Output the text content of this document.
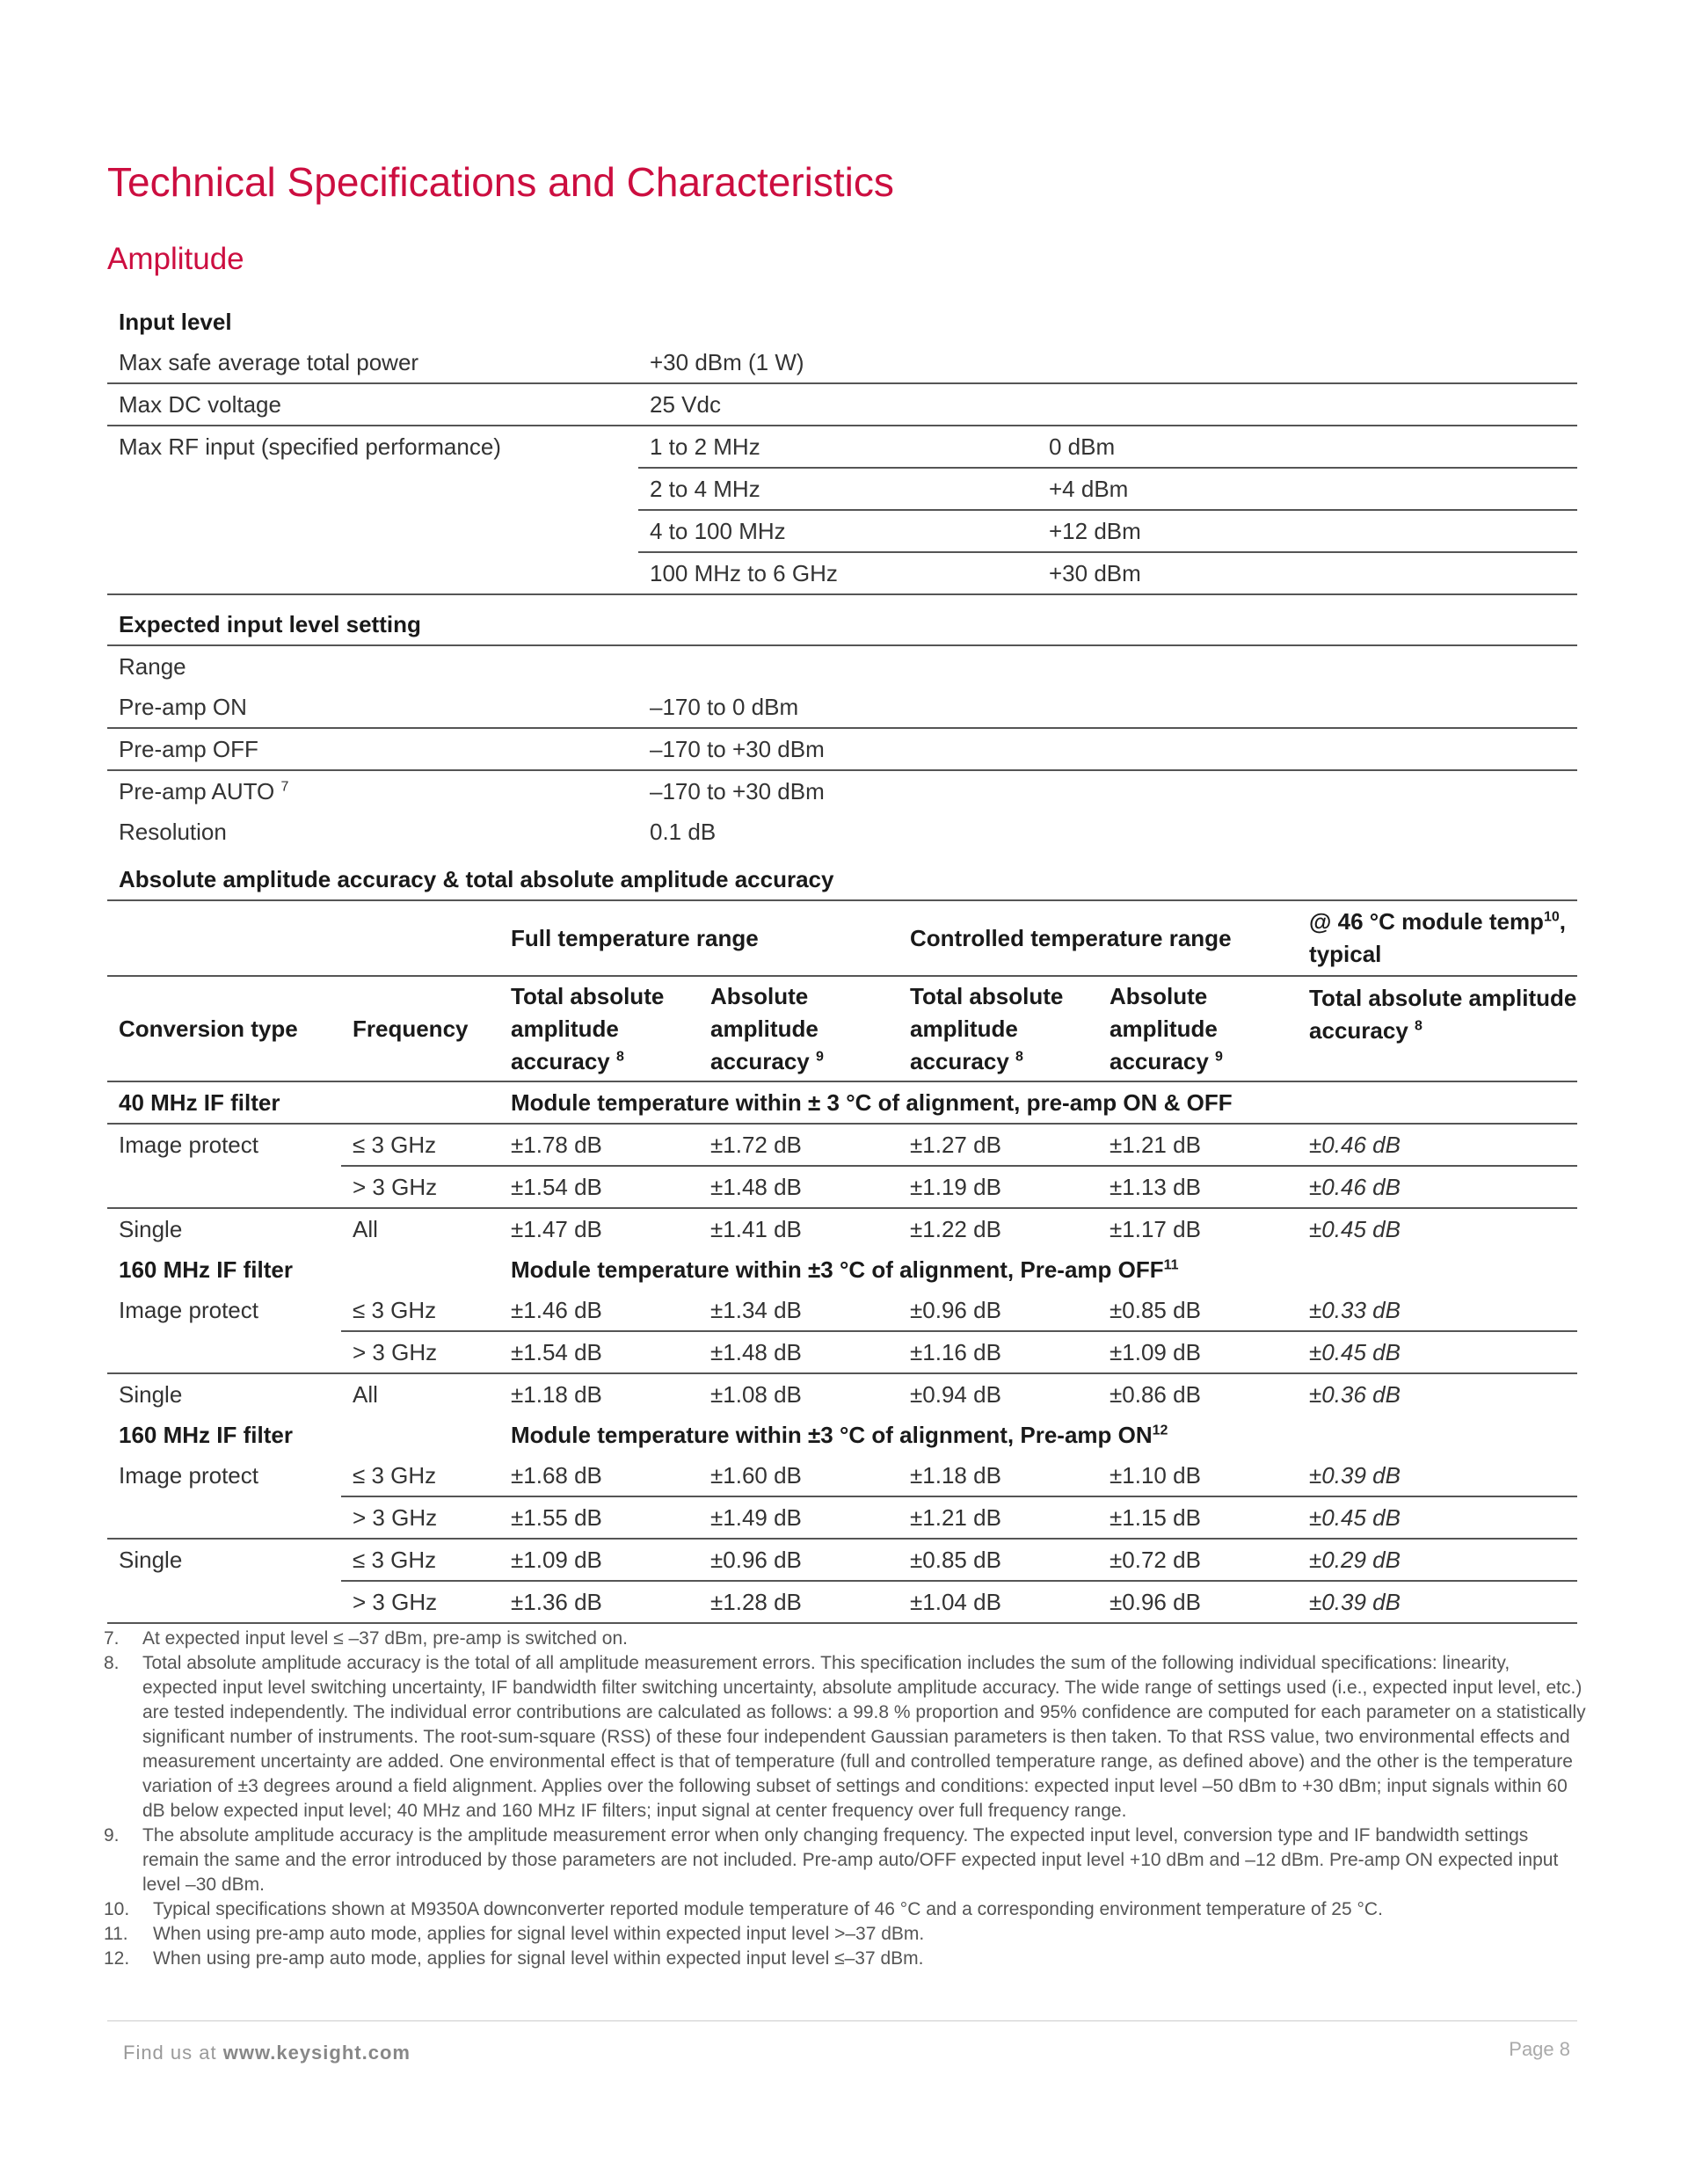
Technical Specifications and Characteristics
Amplitude
Input level		
Max safe average total power	+30 dBm (1 W)	
Max DC voltage	25 Vdc	
Max RF input (specified performance)	1 to 2 MHz	0 dBm
	2 to 4 MHz	+4 dBm
	4 to 100 MHz	+12 dBm
	100 MHz to 6 GHz	+30 dBm
Expected input level setting	
Range	
Pre-amp ON	–170 to 0 dBm
Pre-amp OFF	–170 to +30 dBm
Pre-amp AUTO $^7$	–170 to +30 dBm
Resolution	0.1 dB
Absolute amplitude accuracy & total absolute amplitude accuracy
		Full temperature range		Controlled temperature range		@ 46 °C module temp$^{10}$,
typical
Conversion type	Frequency	Total absolute amplitude accuracy $^8$	Absolute amplitude accuracy $^9$	Total absolute amplitude accuracy $^8$	Absolute amplitude accuracy $^9$	Total absolute amplitude accuracy $^8$
40 MHz IF filter		Module temperature within ± 3 °C of alignment, pre-amp ON & OFF				
Image protect	≤ 3 GHz	±1.78 dB	±1.72 dB	±1.27 dB	±1.21 dB	±0.46 dB
	> 3 GHz	±1.54 dB	±1.48 dB	±1.19 dB	±1.13 dB	±0.46 dB
Single	All	±1.47 dB	±1.41 dB	±1.22 dB	±1.17 dB	±0.45 dB
160 MHz IF filter		Module temperature within ±3 °C of alignment, Pre-amp OFF$^{11}$
Image protect	≤ 3 GHz	±1.46 dB	±1.34 dB	±0.96 dB	±0.85 dB	±0.33 dB
	> 3 GHz	±1.54 dB	±1.48 dB	±1.16 dB	±1.09 dB	±0.45 dB
Single	All	±1.18 dB	±1.08 dB	±0.94 dB	±0.86 dB	±0.36 dB
160 MHz IF filter		Module temperature within ±3 °C of alignment, Pre-amp ON$^{12}$
Image protect	≤ 3 GHz	±1.68 dB	±1.60 dB	±1.18 dB	±1.10 dB	±0.39 dB
	> 3 GHz	±1.55 dB	±1.49 dB	±1.21 dB	±1.15 dB	±0.45 dB
Single	≤ 3 GHz	±1.09 dB	±0.96 dB	±0.85 dB	±0.72 dB	±0.29 dB
	> 3 GHz	±1.36 dB	±1.28 dB	±1.04 dB	±0.96 dB	±0.39 dB
7.	At expected input level ≤ –37 dBm, pre-amp is switched on.
8.	Total absolute amplitude accuracy is the total of all amplitude measurement errors. This specification includes the sum of the following individual specifications: linearity, expected input level switching uncertainty, IF bandwidth filter switching uncertainty, absolute amplitude accuracy. The wide range of settings used (i.e., expected input level, etc.) are tested independently. The individual error contributions are calculated as follows: a 99.8 % proportion and 95% confidence are computed for each parameter on a statistically significant number of instruments. The root-sum-square (RSS) of these four independent Gaussian parameters is then taken. To that RSS value, two environmental effects and measurement uncertainty are added. One environmental effect is that of temperature (full and controlled temperature range, as defined above) and the other is the temperature variation of ±3 degrees around a field alignment. Applies over the following subset of settings and conditions: expected input level –50 dBm to +30 dBm; input signals within 60 dB below expected input level; 40 MHz and 160 MHz IF filters; input signal at center frequency over full frequency range.
9.	The absolute amplitude accuracy is the amplitude measurement error when only changing frequency. The expected input level, conversion type and IF bandwidth settings remain the same and the error introduced by those parameters are not included. Pre-amp auto/OFF expected input level +10 dBm and –12 dBm. Pre-amp ON expected input level –30 dBm.
10.	Typical specifications shown at M9350A downconverter reported module temperature of 46 °C and a corresponding environment temperature of 25 °C.
11.	When using pre-amp auto mode, applies for signal level within expected input level >–37 dBm.
12.	When using pre-amp auto mode, applies for signal level within expected input level ≤–37 dBm.
Find us at www.keysight.com	Page 8
